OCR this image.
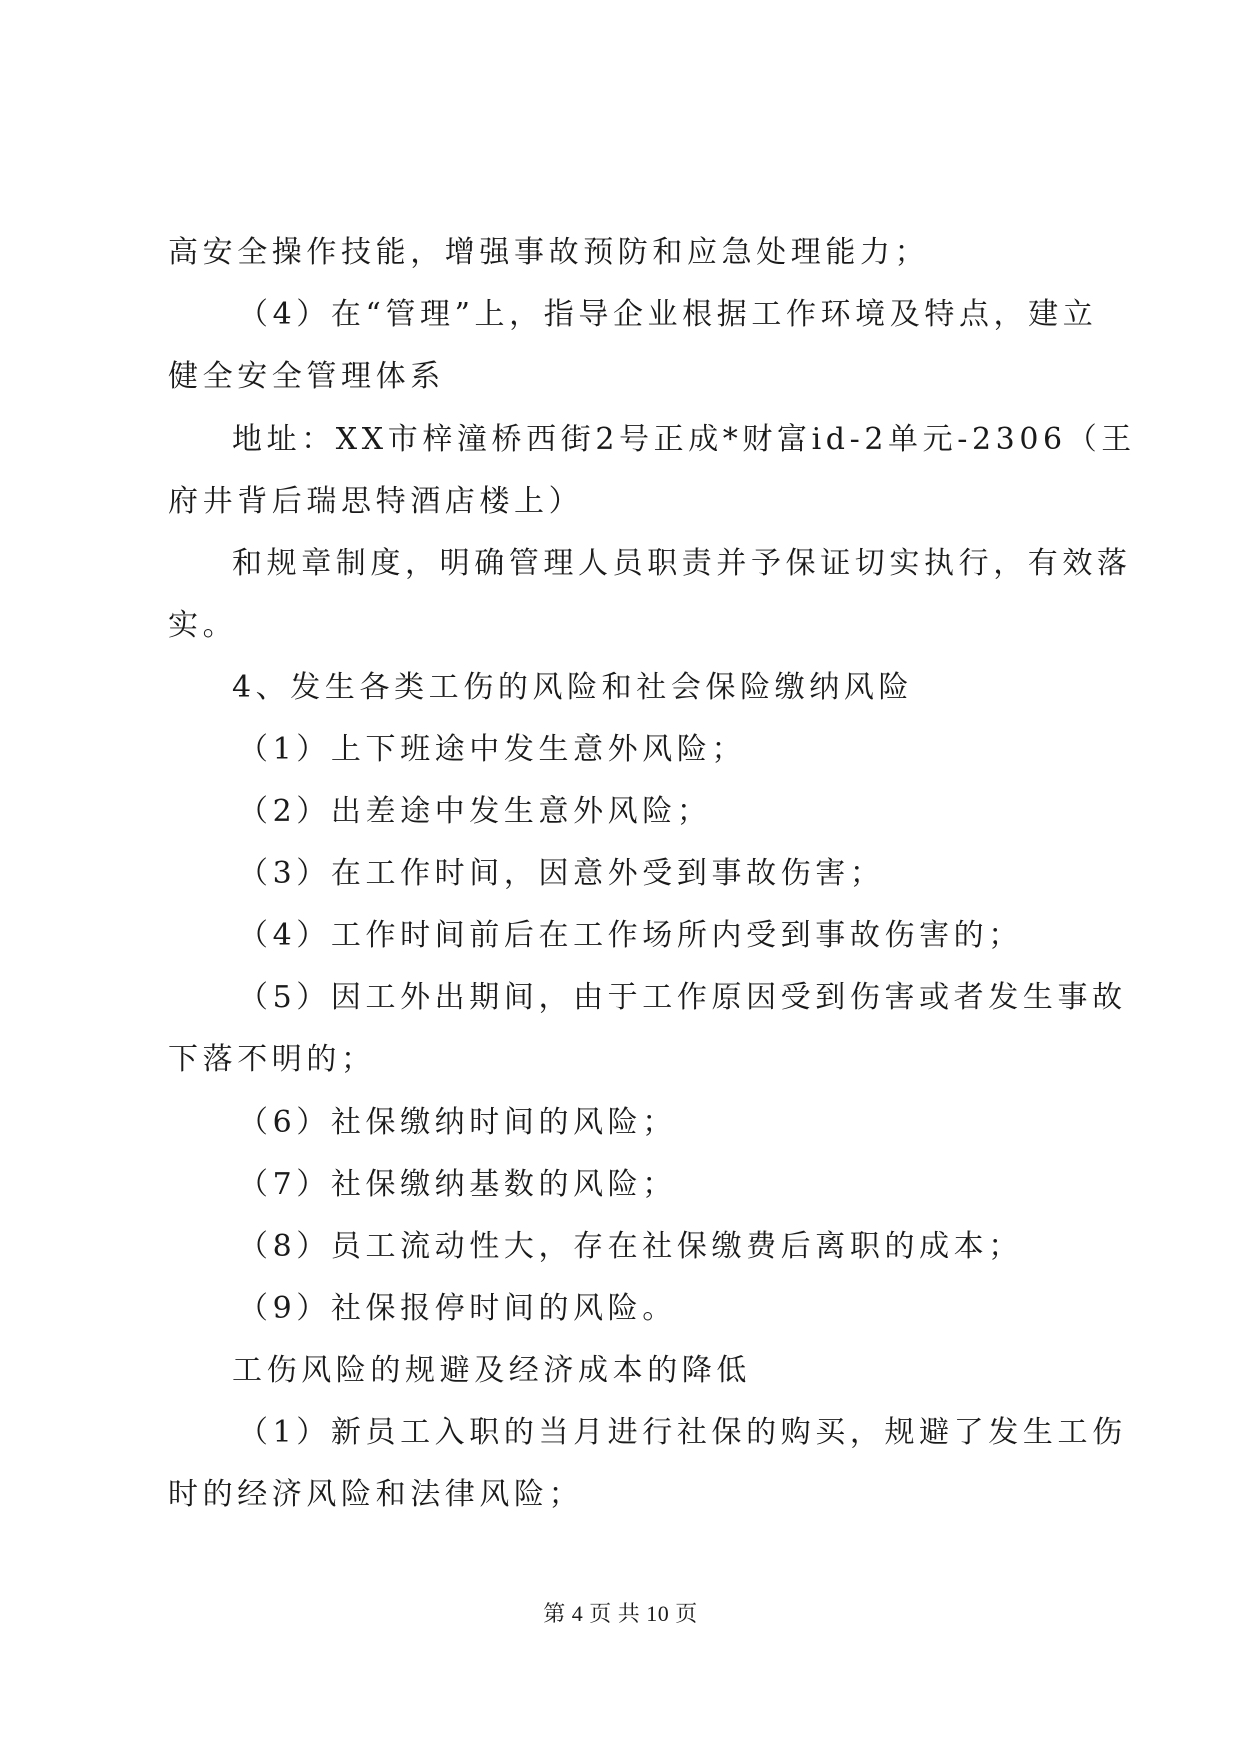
高安全操作技能，增强事故预防和应急处理能力；
（4）在“管理”上，指导企业根据工作环境及特点，建立
健全安全管理体系
地址：XX市梓潼桥西街2号正成*财富id-2单元-2306（王
府井背后瑞思特酒店楼上）
和规章制度，明确管理人员职责并予保证切实执行，有效落
实。
4、发生各类工伤的风险和社会保险缴纳风险
（1）上下班途中发生意外风险；
（2）出差途中发生意外风险；
（3）在工作时间，因意外受到事故伤害；
（4）工作时间前后在工作场所内受到事故伤害的；
（5）因工外出期间，由于工作原因受到伤害或者发生事故
下落不明的；
（6）社保缴纳时间的风险；
（7）社保缴纳基数的风险；
（8）员工流动性大，存在社保缴费后离职的成本；
（9）社保报停时间的风险。
工伤风险的规避及经济成本的降低
（1）新员工入职的当月进行社保的购买，规避了发生工伤
时的经济风险和法律风险；
第 4 页 共 10 页
